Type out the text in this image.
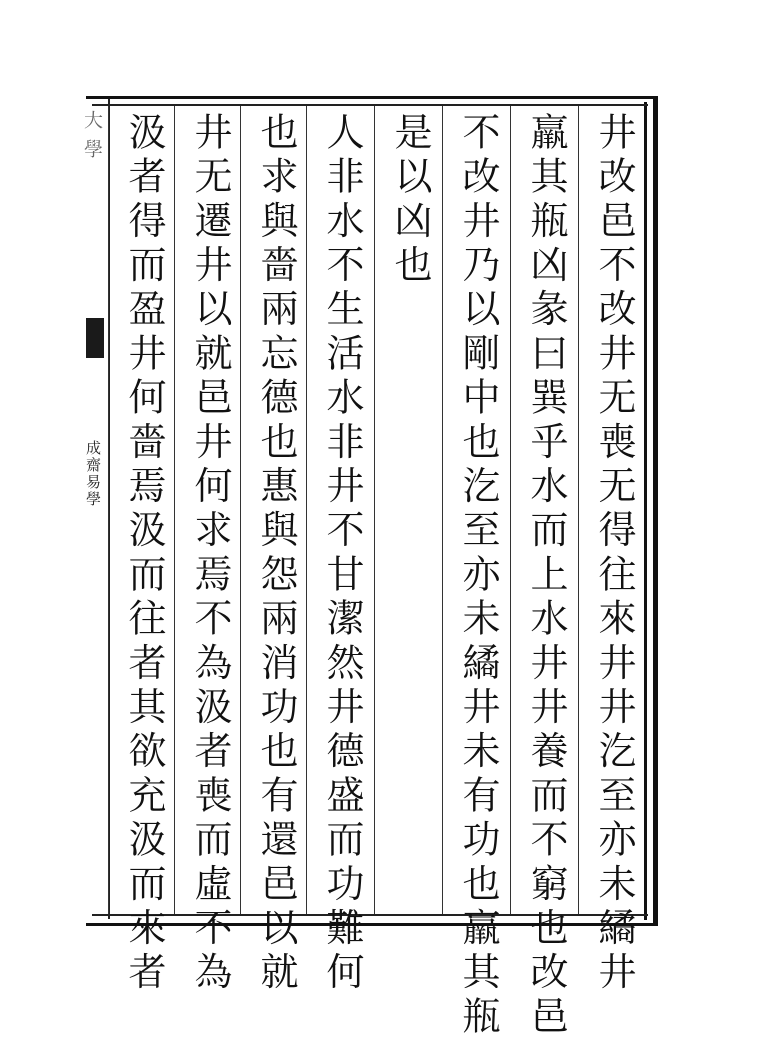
大學
成齋易學	井改邑不改井无喪无得往來井井汔至亦未繘井
羸其瓶凶彖曰巽乎水而上水井井養而不窮也改邑
不改井乃以剛中也汔至亦未繘井未有功也羸其瓶
是以凶也
人非水不生活水非井不甘潔然井德盛而功難何
也求與嗇兩忘德也惠與怨兩消功也有還邑以就
井无遷井以就邑井何求焉不為汲者喪而虛不為
汲者得而盈井何嗇焉汲而往者其欲充汲而來者
